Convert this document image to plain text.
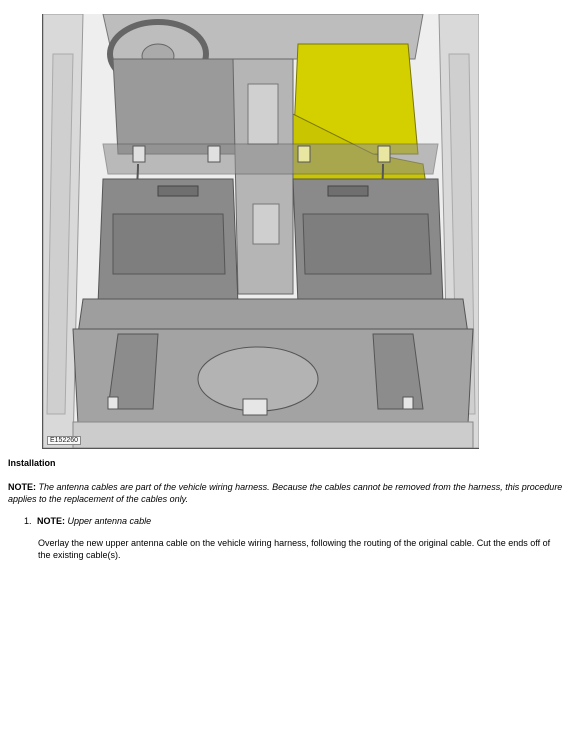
E152260
Installation
NOTE: The antenna cables are part of the vehicle wiring harness. Because the cables cannot be removed from the harness, this procedure applies to the replacement of the cables only.
1. NOTE: Upper antenna cable
Overlay the new upper antenna cable on the vehicle wiring harness, following the routing of the original cable. Cut the ends off of the existing cable(s).
